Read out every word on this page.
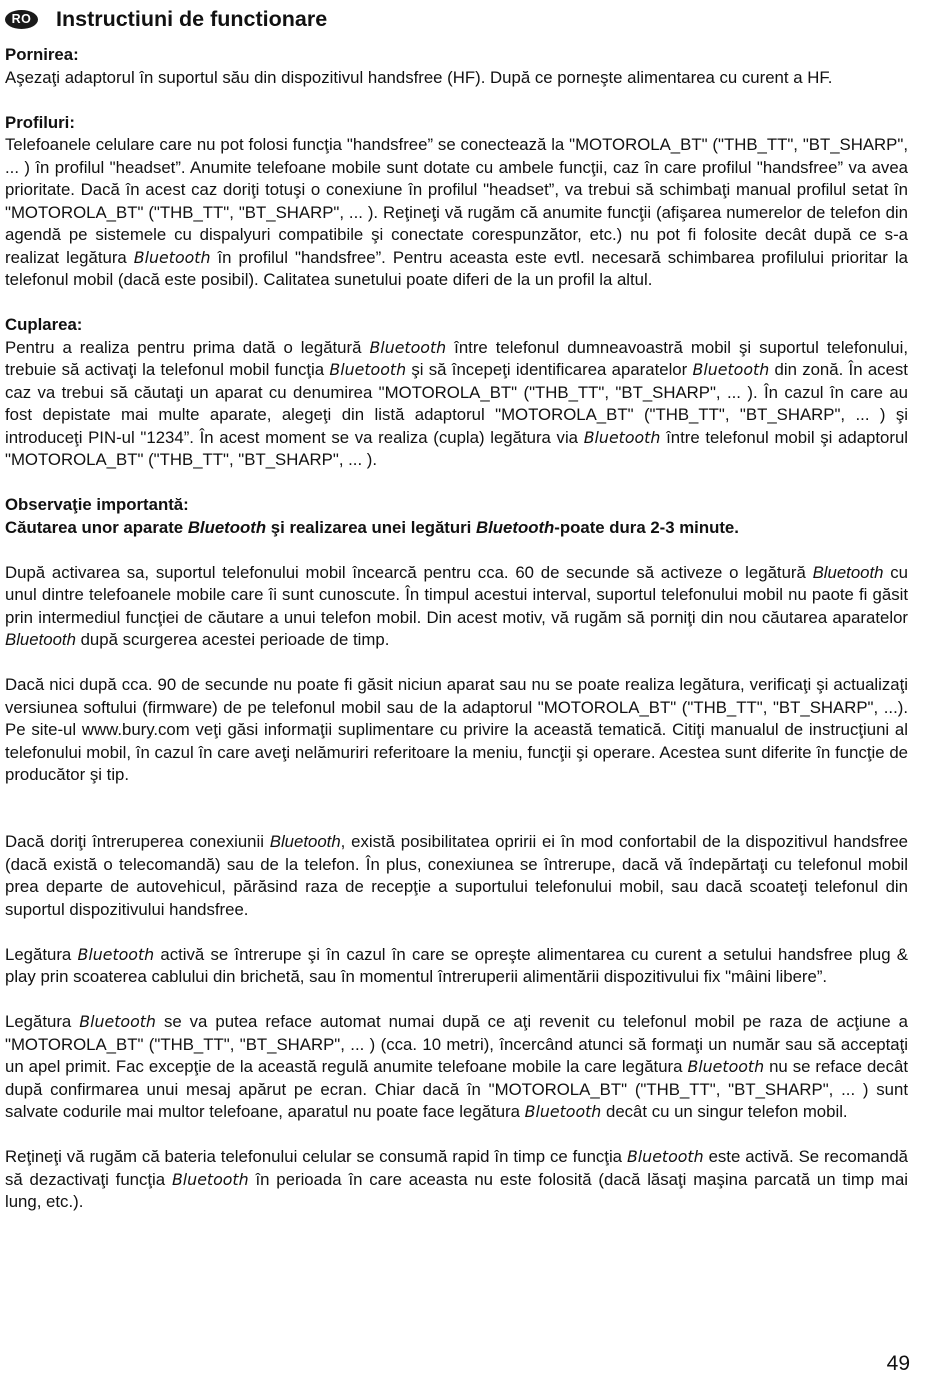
RO	Instructiuni de functionare
Pornirea:

Aşezaţi adaptorul în suportul său din dispozitivul handsfree (HF). După ce porneşte alimentarea cu curent a HF.

Profiluri:

Telefoanele celulare care nu pot folosi funcţia "handsfree” se conectează la "MOTOROLA_BT" ("THB_TT", "BT_SHARP", ... ) în profilul "headset”. Anumite telefoane mobile sunt dotate cu ambele funcţii, caz în care profilul "handsfree” va avea prioritate. Dacă în acest caz doriţi totuşi o conexiune în profilul "headset”, va trebui să schimbaţi manual profilul setat în "MOTOROLA_BT" ("THB_TT", "BT_SHARP", ... ). Reţineţi vă rugăm că anumite funcţii (afişarea numerelor de telefon din agendă pe sistemele cu dispalyuri compatibile şi conectate corespunzător, etc.) nu pot fi folosite decât după ce s-a realizat legătura Bluetooth în profilul "handsfree”. Pentru aceasta este evtl. necesară schimbarea profilului prioritar la telefonul mobil (dacă este posibil). Calitatea sunetului poate diferi de la un profil la altul.

Cuplarea:

Pentru a realiza pentru prima dată o legătură Bluetooth între telefonul dumneavoastră mobil şi suportul telefonului, trebuie să activaţi la telefonul mobil funcţia Bluetooth şi să începeţi identificarea aparatelor Bluetooth din zonă. În acest caz va trebui să căutaţi un aparat cu denumirea "MOTOROLA_BT" ("THB_TT", "BT_SHARP", ... ). În cazul în care au fost depistate mai multe aparate, alegeţi din listă adaptorul "MOTOROLA_BT" ("THB_TT", "BT_SHARP", ... ) şi introduceţi PIN-ul "1234”. În acest moment se va realiza (cupla) legătura via Bluetooth între telefonul mobil şi adaptorul "MOTOROLA_BT" ("THB_TT", "BT_SHARP", ... ).

Observaţie importantă:
Căutarea unor aparate Bluetooth şi realizarea unei legături Bluetooth-poate dura 2-3 minute.

După activarea sa, suportul telefonului mobil încearcă pentru cca. 60 de secunde să activeze o legătură Bluetooth cu unul dintre telefoanele mobile care îi sunt cunoscute. În timpul acestui interval, suportul telefonului mobil nu paote fi găsit prin intermediul funcţiei de căutare a unui telefon mobil. Din acest motiv, vă rugăm să porniţi din nou căutarea aparatelor Bluetooth după scurgerea acestei perioade de timp.

Dacă nici după cca. 90 de secunde nu poate fi găsit niciun aparat sau nu se poate realiza legătura, verificaţi şi actualizaţi versiunea softului (firmware) de pe telefonul mobil sau de la adaptorul "MOTOROLA_BT" ("THB_TT", "BT_SHARP", ...). Pe site-ul www.bury.com veţi găsi informaţii suplimentare cu privire la această tematică. Citiţi manualul de instrucţiuni al telefonului mobil, în cazul în care aveţi nelămuriri referitoare la meniu, funcţii şi operare. Acestea sunt diferite în funcţie de producător şi tip.

Dacă doriţi întreruperea conexiunii Bluetooth, există posibilitatea opririi ei în mod confortabil de la dispozitivul handsfree (dacă există o telecomandă) sau de la telefon. În plus, conexiunea se întrerupe, dacă vă îndepărtaţi cu telefonul mobil prea departe de autovehicul, părăsind raza de recepţie a suportului telefonului mobil, sau dacă scoateţi telefonul din suportul dispozitivului handsfree.

Legătura Bluetooth activă se întrerupe şi în cazul în care se opreşte alimentarea cu curent a setului handsfree plug & play prin scoaterea cablului din brichetă, sau în momentul întreruperii alimentării dispozitivului fix "mâini libere”.

Legătura Bluetooth se va putea reface automat numai după ce aţi revenit cu telefonul mobil pe raza de acţiune a "MOTOROLA_BT" ("THB_TT", "BT_SHARP", ... ) (cca. 10 metri), încercând atunci să formaţi un număr sau să acceptaţi un apel primit. Fac excepţie de la această regulă anumite telefoane mobile la care legătura Bluetooth nu se reface decât după confirmarea unui mesaj apărut pe ecran. Chiar dacă în "MOTOROLA_BT" ("THB_TT", "BT_SHARP", ... ) sunt salvate codurile mai multor telefoane, aparatul nu poate face legătura Bluetooth decât cu un singur telefon mobil.

Reţineţi vă rugăm că bateria telefonului celular se consumă rapid în timp ce funcţia Bluetooth este activă. Se recomandă să dezactivaţi funcţia Bluetooth în perioada în care aceasta nu este folosită (dacă lăsaţi maşina parcată un timp mai lung, etc.).

49
